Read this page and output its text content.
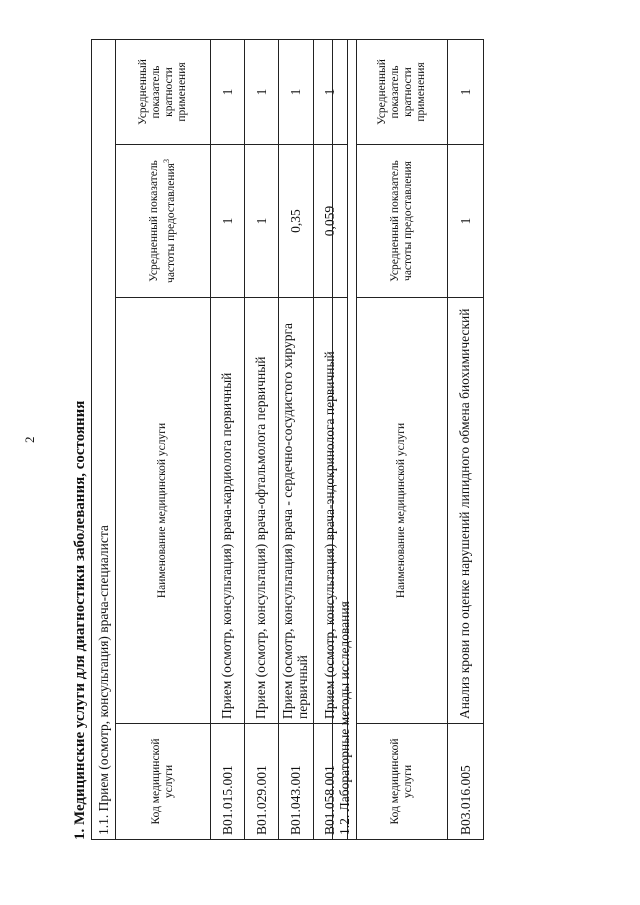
2 1. Медицинские услуги для диагностики заболевания, состояния 1.1. Прием (осмотр, консультация) врача-специалиста			
Код медицинской услуги	Наименование медицинской услуги	Усредненный показатель частоты предоставления$^3$	Усредненный показатель кратности применения
B01.015.001	Прием (осмотр, консультация) врача-кардиолога первичный	1	1
B01.029.001	Прием (осмотр, консультация) врача-офтальмолога первичный	1	1
B01.043.001	Прием (осмотр, консультация) врача - сердечно-сосудистого хирурга первичный	0,35	1
B01.058.001	Прием (осмотр, консультация) врача-эндокринолога первичный	0,059	1
1.2. Лабораторные методы исследования			
Код медицинской услуги	Наименование медицинской услуги	Усредненный показатель частоты предоставления	Усредненный показатель кратности применения
B03.016.005	Анализ крови по оценке нарушений липидного обмена биохимический	1	1
